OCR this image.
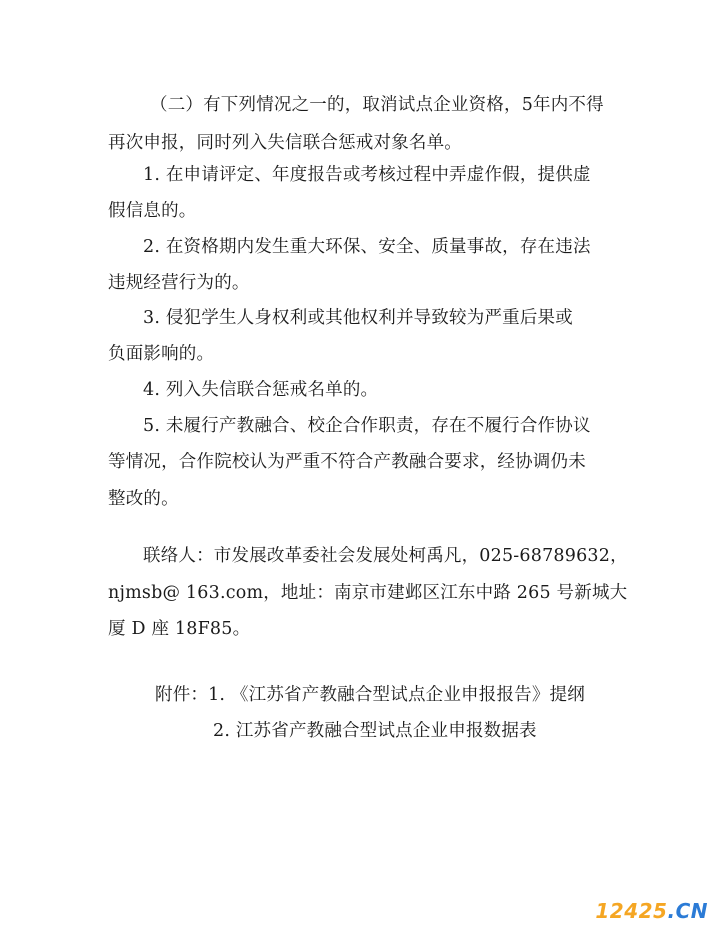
（二）有下列情况之一的，取消试点企业资格，5年内不得
再次申报，同时列入失信联合惩戒对象名单。
1. 在申请评定、年度报告或考核过程中弄虚作假，提供虚
假信息的。
2. 在资格期内发生重大环保、安全、质量事故，存在违法
违规经营行为的。
3. 侵犯学生人身权利或其他权利并导致较为严重后果或
负面影响的。
4. 列入失信联合惩戒名单的。
5. 未履行产教融合、校企合作职责，存在不履行合作协议
等情况，合作院校认为严重不符合产教融合要求，经协调仍未
整改的。
联络人：市发展改革委社会发展处柯禹凡，025-68789632，
njmsb@ 163.com，地址：南京市建邺区江东中路 265 号新城大
厦 D 座 18F85。
附件：1. 《江苏省产教融合型试点企业申报报告》提纲
2. 江苏省产教融合型试点企业申报数据表
12425.CN
